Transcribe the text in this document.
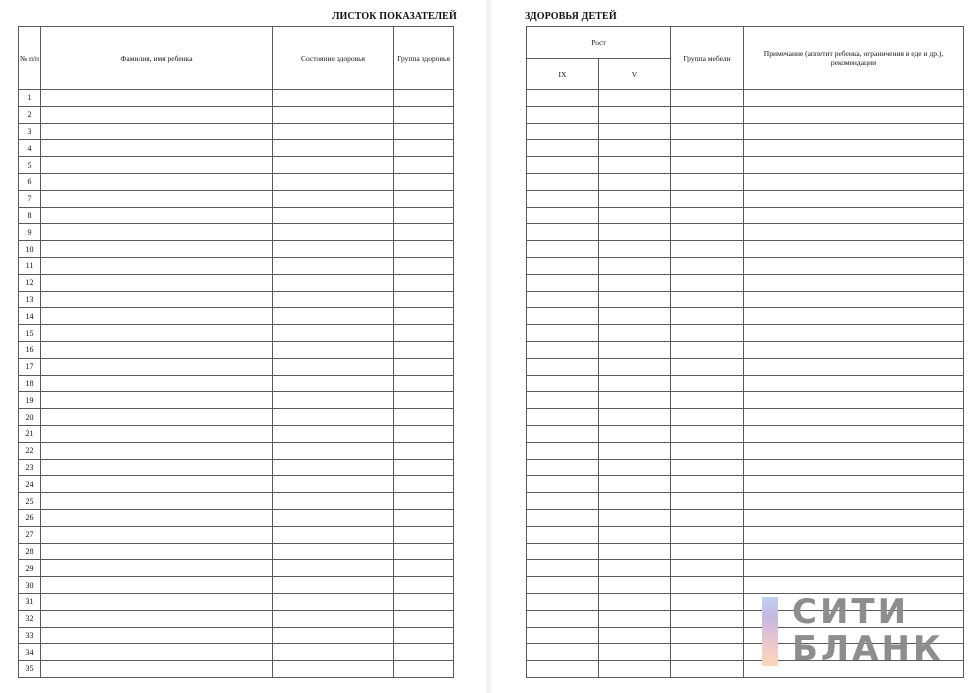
ЛИСТОК ПОКАЗАТЕЛЕЙ
№ п/п	Фамилия, имя ребенка	Состояние здоровья	Группа здоровья
1			
2			
3			
4			
5			
6			
7			
8			
9			
10			
11			
12			
13			
14			
15			
16			
17			
18			
19			
20			
21			
22			
23			
24			
25			
26			
27			
28			
29			
30			
31			
32			
33			
34			
35			
ЗДОРОВЬЯ ДЕТЕЙ
Рост		Группа мебели	Примечание (аппетит ребенка, ограничения в еде и др.), рекомендации
IX	V		

СИТИ
БЛАНК
